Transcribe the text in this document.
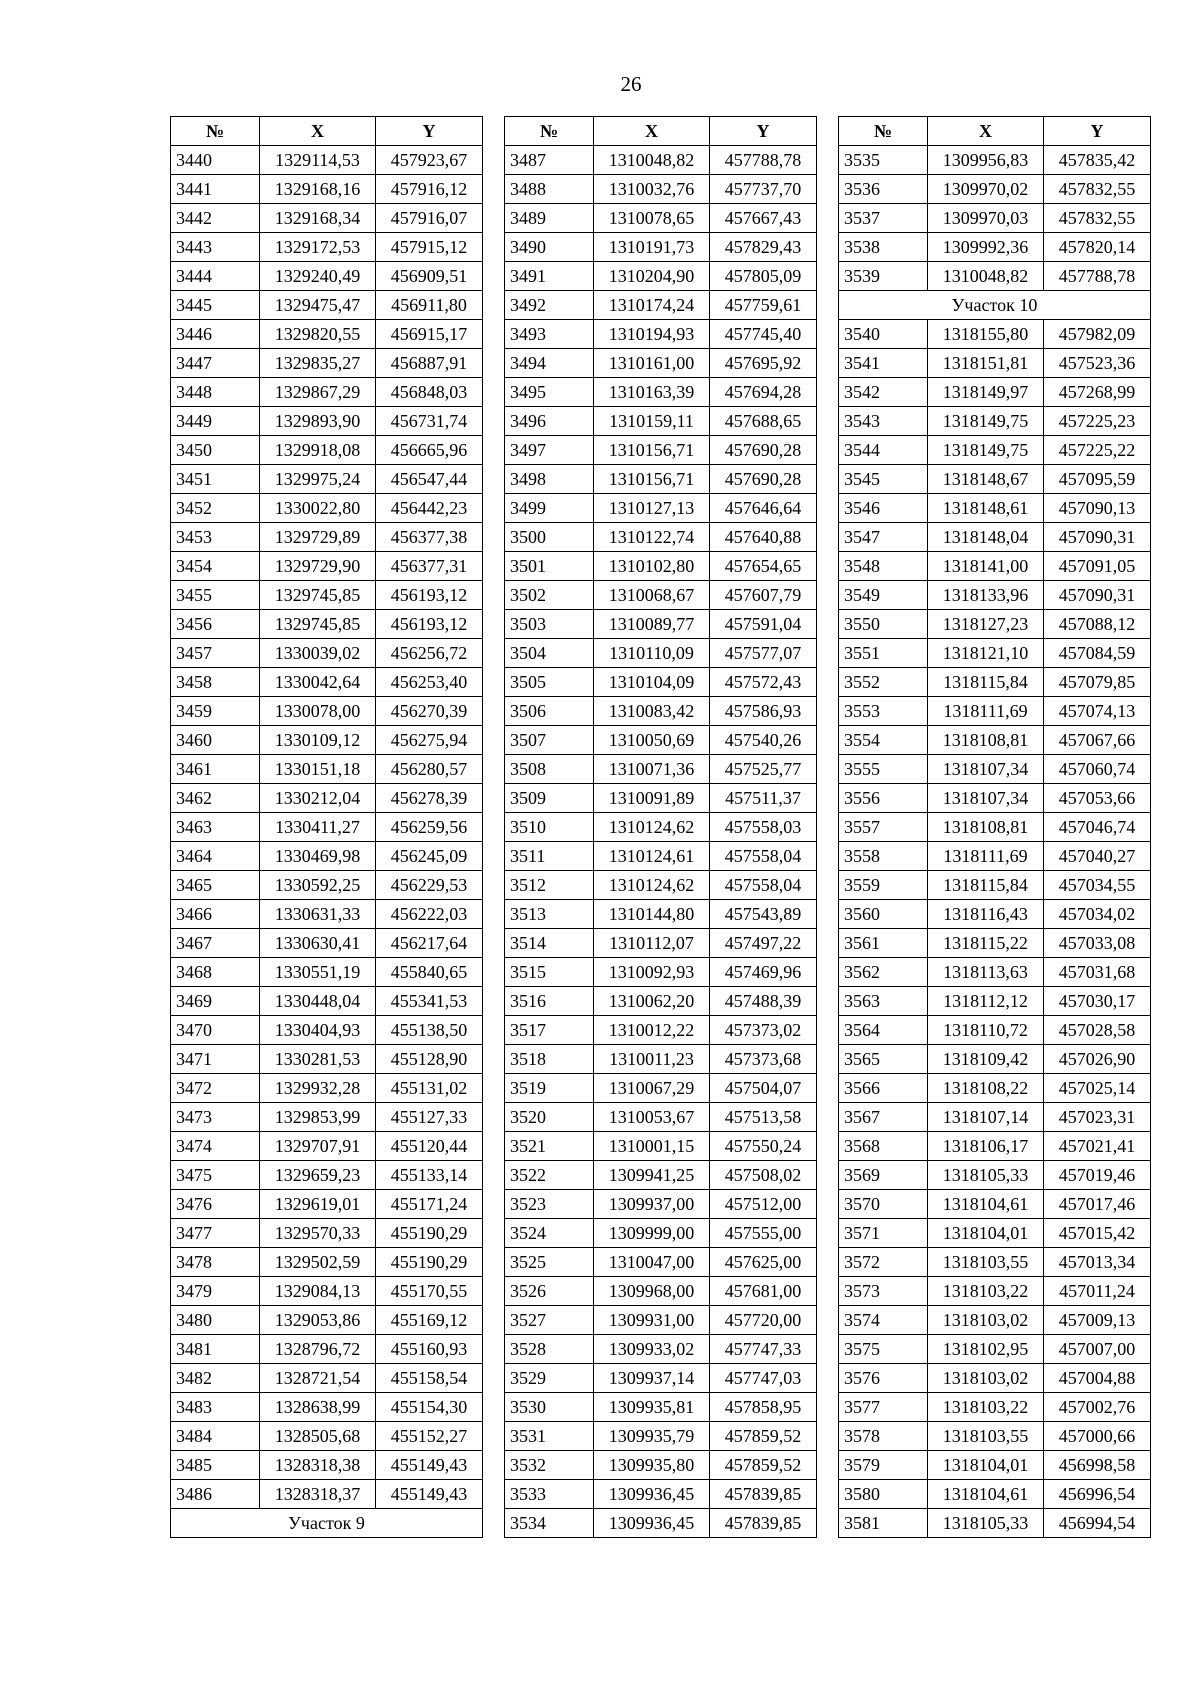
26
№	X	Y
3440	1329114,53	457923,67
3441	1329168,16	457916,12
3442	1329168,34	457916,07
3443	1329172,53	457915,12
3444	1329240,49	456909,51
3445	1329475,47	456911,80
3446	1329820,55	456915,17
3447	1329835,27	456887,91
3448	1329867,29	456848,03
3449	1329893,90	456731,74
3450	1329918,08	456665,96
3451	1329975,24	456547,44
3452	1330022,80	456442,23
3453	1329729,89	456377,38
3454	1329729,90	456377,31
3455	1329745,85	456193,12
3456	1329745,85	456193,12
3457	1330039,02	456256,72
3458	1330042,64	456253,40
3459	1330078,00	456270,39
3460	1330109,12	456275,94
3461	1330151,18	456280,57
3462	1330212,04	456278,39
3463	1330411,27	456259,56
3464	1330469,98	456245,09
3465	1330592,25	456229,53
3466	1330631,33	456222,03
3467	1330630,41	456217,64
3468	1330551,19	455840,65
3469	1330448,04	455341,53
3470	1330404,93	455138,50
3471	1330281,53	455128,90
3472	1329932,28	455131,02
3473	1329853,99	455127,33
3474	1329707,91	455120,44
3475	1329659,23	455133,14
3476	1329619,01	455171,24
3477	1329570,33	455190,29
3478	1329502,59	455190,29
3479	1329084,13	455170,55
3480	1329053,86	455169,12
3481	1328796,72	455160,93
3482	1328721,54	455158,54
3483	1328638,99	455154,30
3484	1328505,68	455152,27
3485	1328318,38	455149,43
3486	1328318,37	455149,43
Участок 9		
№	X	Y
3487	1310048,82	457788,78
3488	1310032,76	457737,70
3489	1310078,65	457667,43
3490	1310191,73	457829,43
3491	1310204,90	457805,09
3492	1310174,24	457759,61
3493	1310194,93	457745,40
3494	1310161,00	457695,92
3495	1310163,39	457694,28
3496	1310159,11	457688,65
3497	1310156,71	457690,28
3498	1310156,71	457690,28
3499	1310127,13	457646,64
3500	1310122,74	457640,88
3501	1310102,80	457654,65
3502	1310068,67	457607,79
3503	1310089,77	457591,04
3504	1310110,09	457577,07
3505	1310104,09	457572,43
3506	1310083,42	457586,93
3507	1310050,69	457540,26
3508	1310071,36	457525,77
3509	1310091,89	457511,37
3510	1310124,62	457558,03
3511	1310124,61	457558,04
3512	1310124,62	457558,04
3513	1310144,80	457543,89
3514	1310112,07	457497,22
3515	1310092,93	457469,96
3516	1310062,20	457488,39
3517	1310012,22	457373,02
3518	1310011,23	457373,68
3519	1310067,29	457504,07
3520	1310053,67	457513,58
3521	1310001,15	457550,24
3522	1309941,25	457508,02
3523	1309937,00	457512,00
3524	1309999,00	457555,00
3525	1310047,00	457625,00
3526	1309968,00	457681,00
3527	1309931,00	457720,00
3528	1309933,02	457747,33
3529	1309937,14	457747,03
3530	1309935,81	457858,95
3531	1309935,79	457859,52
3532	1309935,80	457859,52
3533	1309936,45	457839,85
3534	1309936,45	457839,85
№	X	Y
3535	1309956,83	457835,42
3536	1309970,02	457832,55
3537	1309970,03	457832,55
3538	1309992,36	457820,14
3539	1310048,82	457788,78
Участок 10		
3540	1318155,80	457982,09
3541	1318151,81	457523,36
3542	1318149,97	457268,99
3543	1318149,75	457225,23
3544	1318149,75	457225,22
3545	1318148,67	457095,59
3546	1318148,61	457090,13
3547	1318148,04	457090,31
3548	1318141,00	457091,05
3549	1318133,96	457090,31
3550	1318127,23	457088,12
3551	1318121,10	457084,59
3552	1318115,84	457079,85
3553	1318111,69	457074,13
3554	1318108,81	457067,66
3555	1318107,34	457060,74
3556	1318107,34	457053,66
3557	1318108,81	457046,74
3558	1318111,69	457040,27
3559	1318115,84	457034,55
3560	1318116,43	457034,02
3561	1318115,22	457033,08
3562	1318113,63	457031,68
3563	1318112,12	457030,17
3564	1318110,72	457028,58
3565	1318109,42	457026,90
3566	1318108,22	457025,14
3567	1318107,14	457023,31
3568	1318106,17	457021,41
3569	1318105,33	457019,46
3570	1318104,61	457017,46
3571	1318104,01	457015,42
3572	1318103,55	457013,34
3573	1318103,22	457011,24
3574	1318103,02	457009,13
3575	1318102,95	457007,00
3576	1318103,02	457004,88
3577	1318103,22	457002,76
3578	1318103,55	457000,66
3579	1318104,01	456998,58
3580	1318104,61	456996,54
3581	1318105,33	456994,54
